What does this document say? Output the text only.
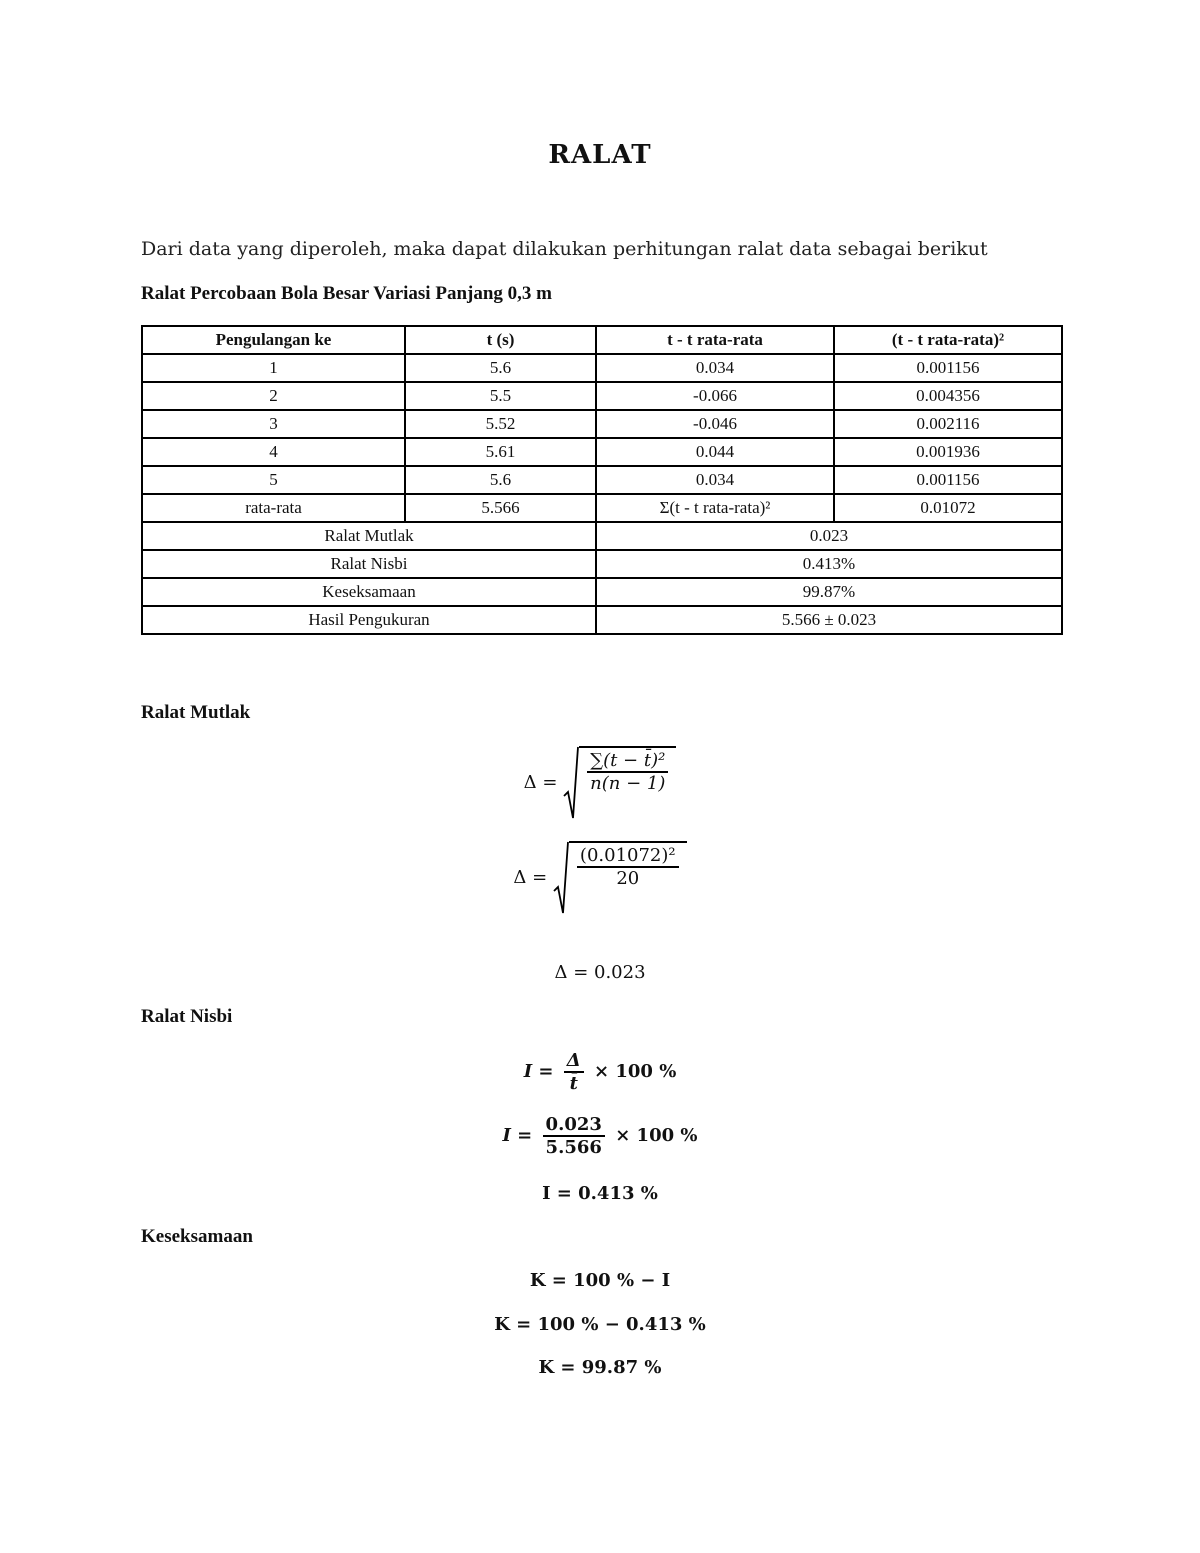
RALAT
Dari data yang diperoleh, maka dapat dilakukan perhitungan ralat data sebagai berikut
Ralat Percobaan Bola Besar Variasi Panjang 0,3 m
Pengulangan ke	t (s)	t - t rata-rata	(t - t rata-rata)²
1	5.6	0.034	0.001156
2	5.5	-0.066	0.004356
3	5.52	-0.046	0.002116
4	5.61	0.044	0.001936
5	5.6	0.034	0.001156
rata-rata	5.566	Σ(t - t rata-rata)²	0.01072
Ralat Mutlak		0.023	
Ralat Nisbi		0.413%	
Keseksamaan		99.87%	
Hasil Pengukuran		5.566 ± 0.023	
Ralat Mutlak
$\Delta = \frac{\text{∑(t − t̄)²}}{n(n - 1)}$
$\Delta = \frac{\text{(0.01072)²}}{20}$
Δ = 0.023
Ralat Nisbi
$I = \frac{\Delta}{t̄} \times 100$ %
$I = \frac{0.023}{5.566} \times 100$ %
I = 0.413 %
Keseksamaan
K = 100 % − I
K = 100 % − 0.413 %
K = 99.87 %
